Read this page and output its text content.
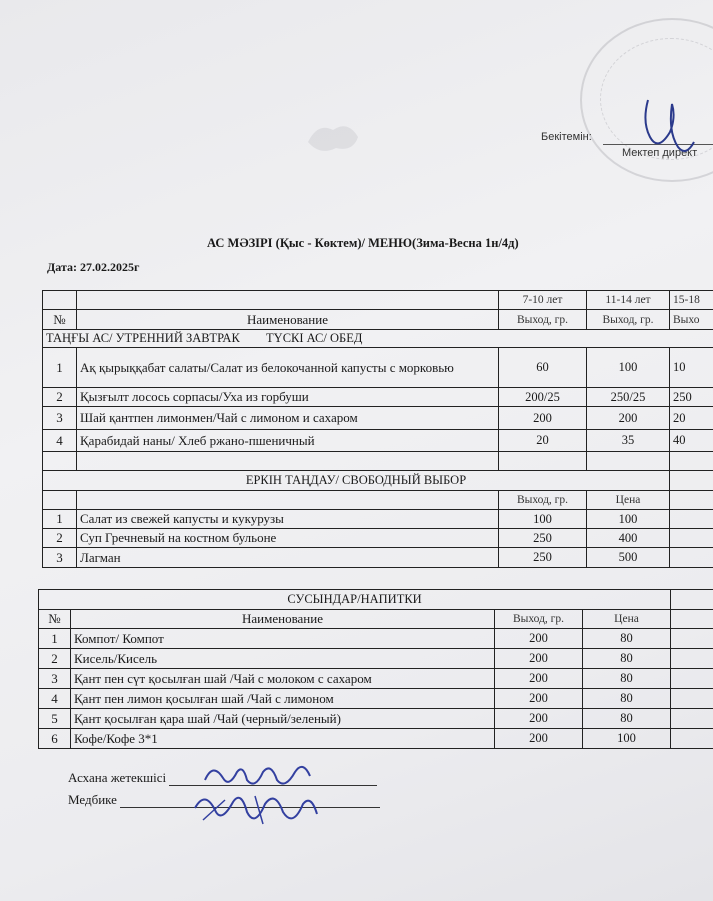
Бекітемін:
Мектеп директ
АС МӘЗІРІ (Қыс - Көктем)/ МЕНЮ(Зима-Весна 1н/4д)
Дата: 27.02.2025г
		7-10 лет	11-14 лет	15-18
№	Наименование	Выход, гр.	Выход, гр.	Выхо
ТАҢҒЫ АС/ УТРЕННИЙ ЗАВТРАК ТҮСКІ АС/ ОБЕД				
1	Ақ қырыққабат салаты/Салат из белокочанной капусты с морковью	60	100	10
2	Қызғылт лосось сорпасы/Уха из горбуши	200/25	250/25	250
3	Шай қантпен лимонмен/Чай с лимоном и сахаром	200	200	20
4	Қарабидай наны/ Хлеб ржано-пшеничный	20	35	40

ЕРКІН ТАҢДАУ/ СВОБОДНЫЙ ВЫБОР				
		Выход, гр.	Цена	
1	Салат из свежей капусты и кукурузы	100	100	
2	Суп Гречневый на костном бульоне	250	400	
3	Лагман	250	500	
СУСЫНДАР/НАПИТКИ				
№	Наименование	Выход, гр.	Цена	
1	Компот/ Компот	200	80	
2	Кисель/Кисель	200	80	
3	Қант пен сүт қосылған шай /Чай с молоком с сахаром	200	80	
4	Қант пен лимон қосылған шай /Чай с лимоном	200	80	
5	Қант қосылған қара шай /Чай (черный/зеленый)	200	80	
6	Кофе/Кофе 3*1	200	100	
Асхана жетекшісі
Медбике
